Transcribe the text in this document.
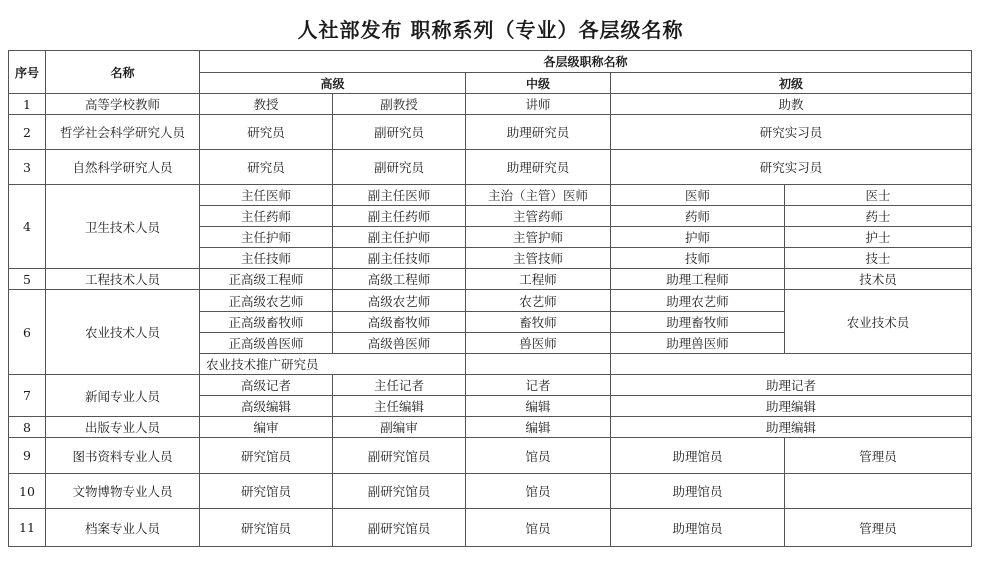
人社部发布 职称系列（专业）各层级名称
序号	名称	各层级职称名称				
		高级		中级	初级	
1	高等学校教师	教授	副教授	讲师	助教	
2	哲学社会科学研究人员	研究员	副研究员	助理研究员	研究实习员	
3	自然科学研究人员	研究员	副研究员	助理研究员	研究实习员	
4	卫生技术人员	主任医师	副主任医师	主治（主管）医师	医师	医士
		主任药师	副主任药师	主管药师	药师	药士
		主任护师	副主任护师	主管护师	护师	护士
		主任技师	副主任技师	主管技师	技师	技士
5	工程技术人员	正高级工程师	高级工程师	工程师	助理工程师	技术员
6	农业技术人员	正高级农艺师	高级农艺师	农艺师	助理农艺师	农业技术员
		正高级畜牧师	高级畜牧师	畜牧师	助理畜牧师	
		正高级兽医师	高级兽医师	兽医师	助理兽医师	
		农业技术推广研究员				
7	新闻专业人员	高级记者	主任记者	记者	助理记者	
		高级编辑	主任编辑	编辑	助理编辑	
8	出版专业人员	编审	副编审	编辑	助理编辑	
9	图书资料专业人员	研究馆员	副研究馆员	馆员	助理馆员	管理员
10	文物博物专业人员	研究馆员	副研究馆员	馆员	助理馆员	
11	档案专业人员	研究馆员	副研究馆员	馆员	助理馆员	管理员
